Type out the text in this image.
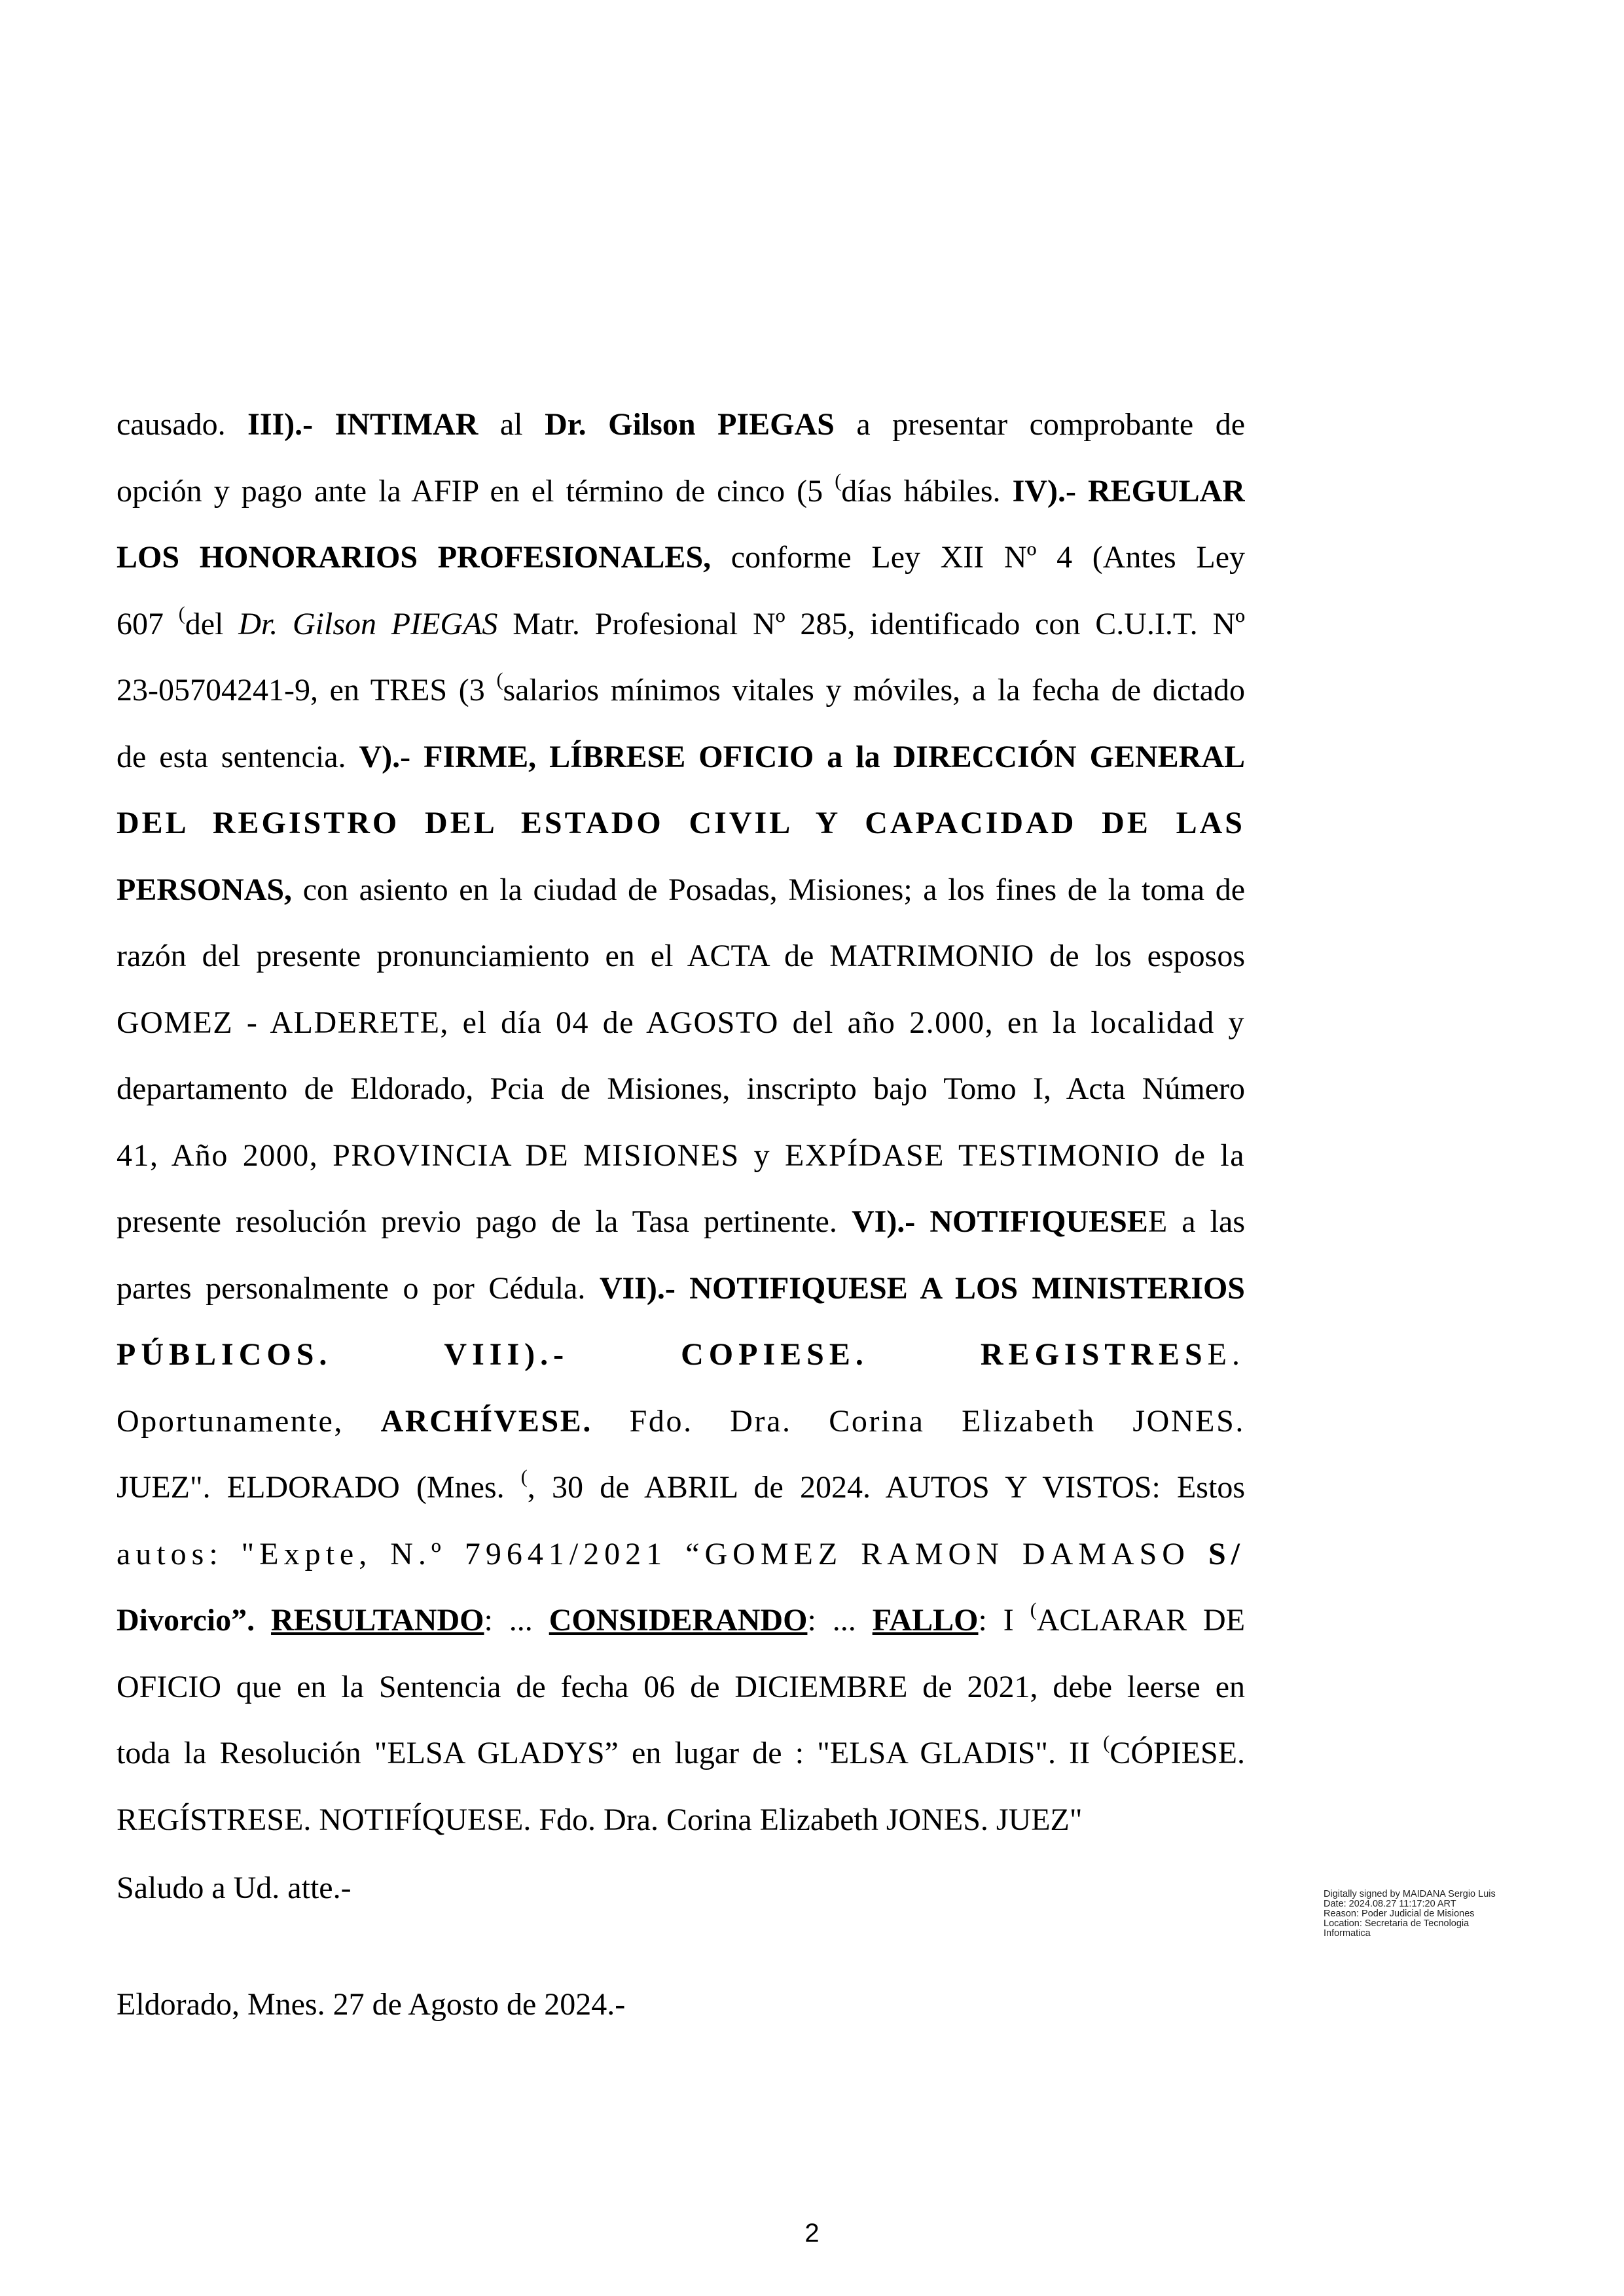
causado. III).- INTIMAR al Dr. Gilson PIEGAS a presentar comprobante de
opción y pago ante la AFIP en el término de cinco (5 (días hábiles. IV).- REGULAR
LOS HONORARIOS PROFESIONALES, conforme Ley XII Nº 4 (Antes Ley
607 (del Dr. Gilson PIEGAS Matr. Profesional Nº 285, identificado con C.U.I.T. Nº
23-05704241-9, en TRES (3 (salarios mínimos vitales y móviles, a la fecha de dictado
de esta sentencia. V).- FIRME, LÍBRESE OFICIO a la DIRECCIÓN GENERAL
DEL REGISTRO DEL ESTADO CIVIL Y CAPACIDAD DE LAS
PERSONAS, con asiento en la ciudad de Posadas, Misiones; a los fines de la toma de
razón del presente pronunciamiento en el ACTA de MATRIMONIO de los esposos
GOMEZ - ALDERETE, el día 04 de AGOSTO del año 2.000, en la localidad y
departamento de Eldorado, Pcia de Misiones, inscripto bajo Tomo I, Acta Número
41, Año 2000, PROVINCIA DE MISIONES y EXPÍDASE TESTIMONIO de la
presente resolución previo pago de la Tasa pertinente. VI).- NOTIFIQUESEE a las
partes personalmente o por Cédula. VII).- NOTIFIQUESE A LOS MINISTERIOS
PÚBLICOS.	VIII).-	COPIESE.	REGISTRESE.
Oportunamente, ARCHÍVESE. Fdo. Dra. Corina Elizabeth JONES.
JUEZ". ELDORADO (Mnes. (, 30 de ABRIL de 2024. AUTOS Y VISTOS: Estos
autos: "Expte, N.º 79641/2021 “GOMEZ RAMON DAMASO S/
Divorcio”. RESULTANDO: ... CONSIDERANDO: ... FALLO: I (ACLARAR DE
OFICIO que en la Sentencia de fecha 06 de DICIEMBRE de 2021, debe leerse en
toda la Resolución "ELSA GLADYS” en lugar de : "ELSA GLADIS". II (CÓPIESE.
REGÍSTRESE. NOTIFÍQUESE. Fdo. Dra. Corina Elizabeth JONES. JUEZ"
Saludo a Ud. atte.-
Eldorado, Mnes. 27 de Agosto de 2024.-
Digitally signed by MAIDANA Sergio Luis
Date: 2024.08.27 11:17:20 ART
Reason: Poder Judicial de Misiones
Location: Secretaria de Tecnologia
Informatica
2
